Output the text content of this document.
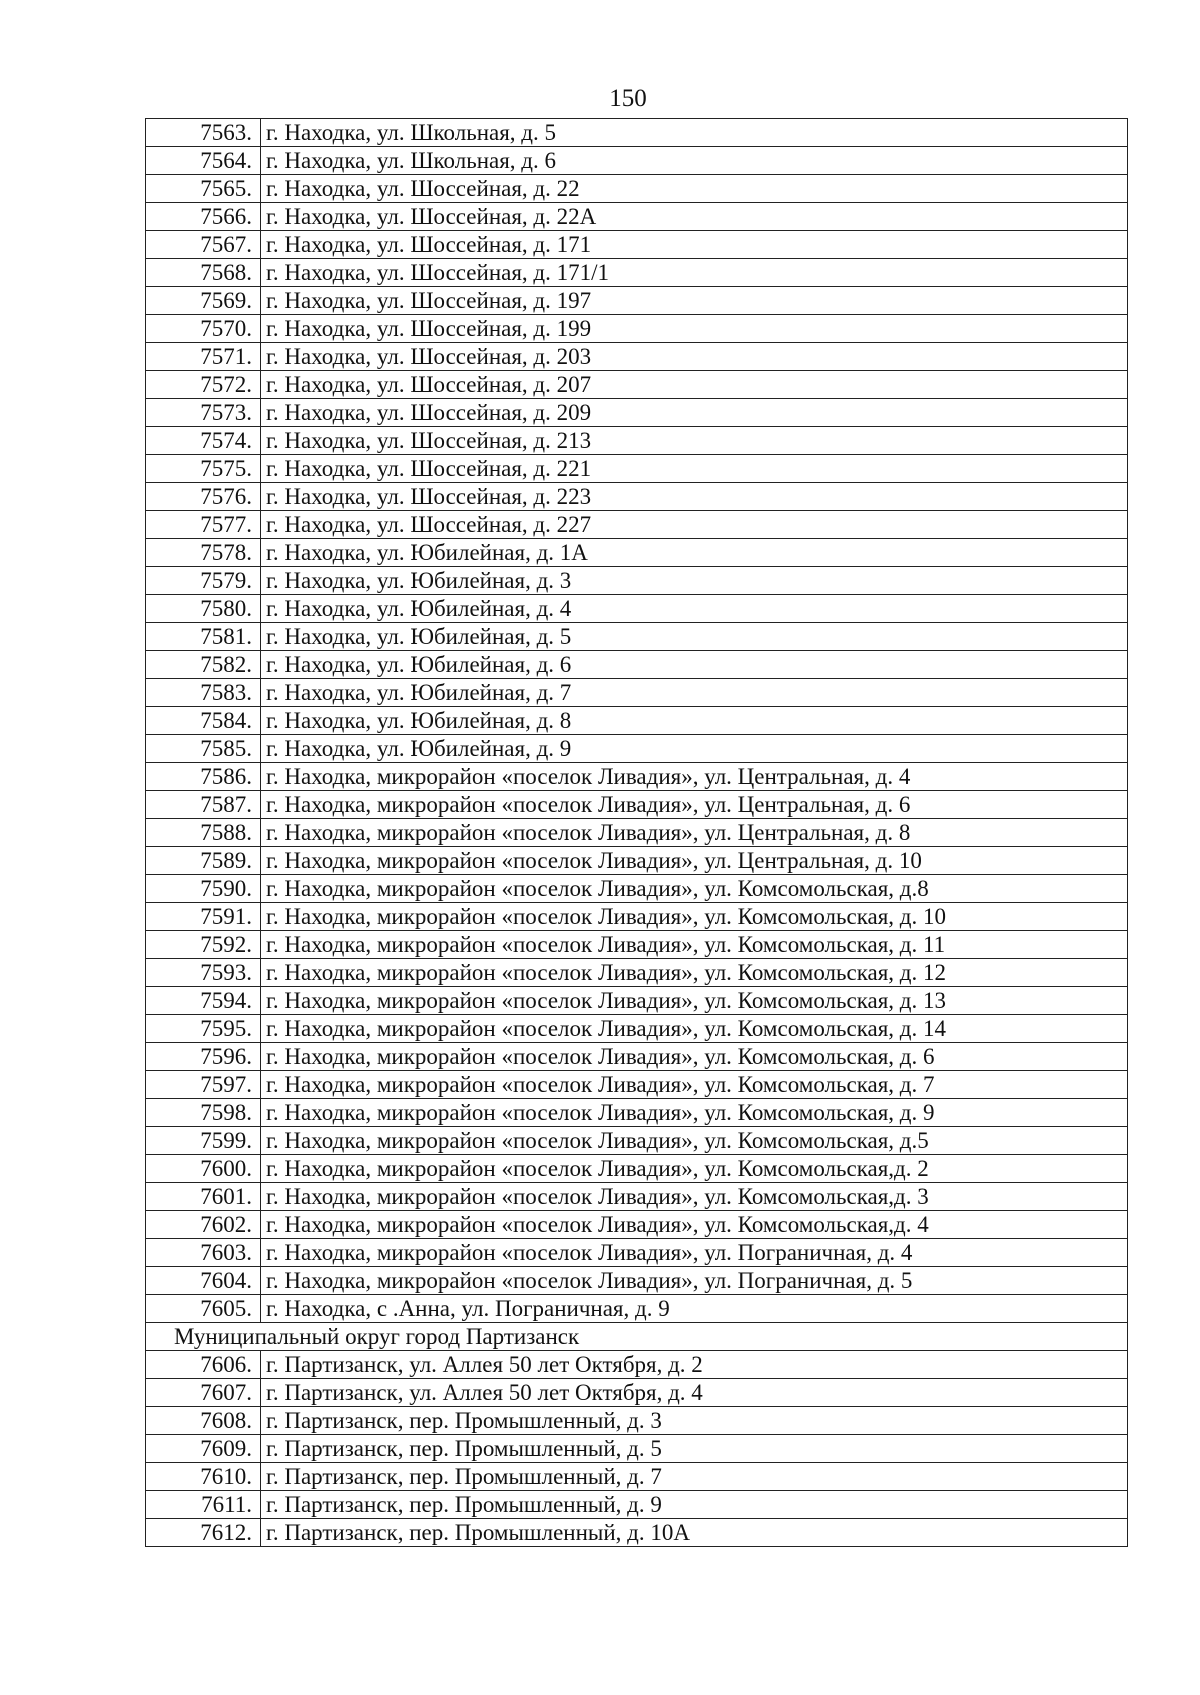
150
7563.	г. Находка, ул. Школьная, д. 5
7564.	г. Находка, ул. Школьная, д. 6
7565.	г. Находка, ул. Шоссейная, д. 22
7566.	г. Находка, ул. Шоссейная, д. 22А
7567.	г. Находка, ул. Шоссейная, д. 171
7568.	г. Находка, ул. Шоссейная, д. 171/1
7569.	г. Находка, ул. Шоссейная, д. 197
7570.	г. Находка, ул. Шоссейная, д. 199
7571.	г. Находка, ул. Шоссейная, д. 203
7572.	г. Находка, ул. Шоссейная, д. 207
7573.	г. Находка, ул. Шоссейная, д. 209
7574.	г. Находка, ул. Шоссейная, д. 213
7575.	г. Находка, ул. Шоссейная, д. 221
7576.	г. Находка, ул. Шоссейная, д. 223
7577.	г. Находка, ул. Шоссейная, д. 227
7578.	г. Находка, ул. Юбилейная, д. 1А
7579.	г. Находка, ул. Юбилейная, д. 3
7580.	г. Находка, ул. Юбилейная, д. 4
7581.	г. Находка, ул. Юбилейная, д. 5
7582.	г. Находка, ул. Юбилейная, д. 6
7583.	г. Находка, ул. Юбилейная, д. 7
7584.	г. Находка, ул. Юбилейная, д. 8
7585.	г. Находка, ул. Юбилейная, д. 9
7586.	г. Находка, микрорайон «поселок Ливадия», ул. Центральная, д. 4
7587.	г. Находка, микрорайон «поселок Ливадия», ул. Центральная, д. 6
7588.	г. Находка, микрорайон «поселок Ливадия», ул. Центральная, д. 8
7589.	г. Находка, микрорайон «поселок Ливадия», ул. Центральная, д. 10
7590.	г. Находка, микрорайон «поселок Ливадия», ул. Комсомольская, д.8
7591.	г. Находка, микрорайон «поселок Ливадия», ул. Комсомольская, д. 10
7592.	г. Находка, микрорайон «поселок Ливадия», ул. Комсомольская, д. 11
7593.	г. Находка, микрорайон «поселок Ливадия», ул. Комсомольская, д. 12
7594.	г. Находка, микрорайон «поселок Ливадия», ул. Комсомольская, д. 13
7595.	г. Находка, микрорайон «поселок Ливадия», ул. Комсомольская, д. 14
7596.	г. Находка, микрорайон «поселок Ливадия», ул. Комсомольская, д. 6
7597.	г. Находка, микрорайон «поселок Ливадия», ул. Комсомольская, д. 7
7598.	г. Находка, микрорайон «поселок Ливадия», ул. Комсомольская, д. 9
7599.	г. Находка, микрорайон «поселок Ливадия», ул. Комсомольская, д.5
7600.	г. Находка, микрорайон «поселок Ливадия», ул. Комсомольская,д. 2
7601.	г. Находка, микрорайон «поселок Ливадия», ул. Комсомольская,д. 3
7602.	г. Находка, микрорайон «поселок Ливадия», ул. Комсомольская,д. 4
7603.	г. Находка, микрорайон «поселок Ливадия», ул. Пограничная, д. 4
7604.	г. Находка, микрорайон «поселок Ливадия», ул. Пограничная, д. 5
7605.	г. Находка, с .Анна, ул. Пограничная, д. 9
Муниципальный округ город Партизанск	
7606.	г. Партизанск, ул. Аллея 50 лет Октября, д. 2
7607.	г. Партизанск, ул. Аллея 50 лет Октября, д. 4
7608.	г. Партизанск, пер. Промышленный, д. 3
7609.	г. Партизанск, пер. Промышленный, д. 5
7610.	г. Партизанск, пер. Промышленный, д. 7
7611.	г. Партизанск, пер. Промышленный, д. 9
7612.	г. Партизанск, пер. Промышленный, д. 10А
